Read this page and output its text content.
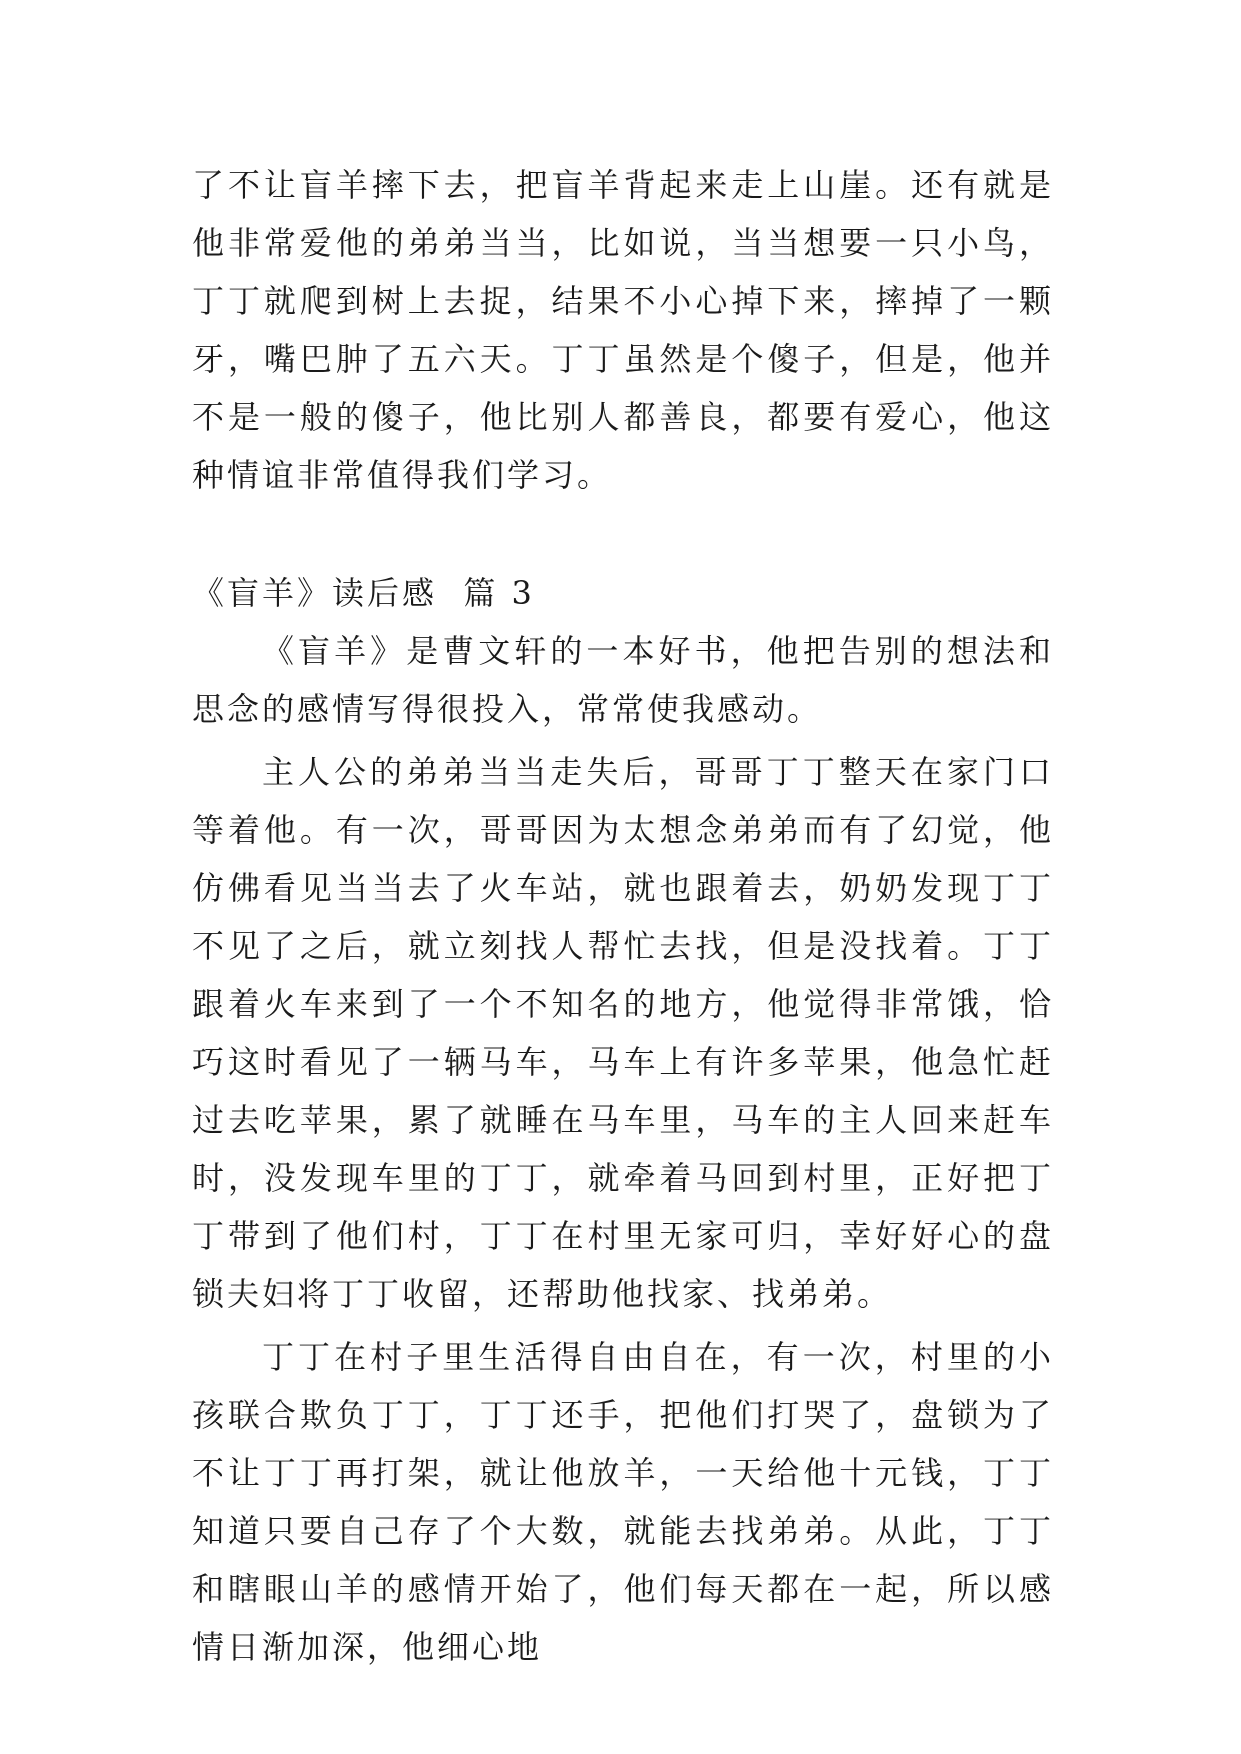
了不让盲羊摔下去，把盲羊背起来走上山崖。还有就是他非常爱他的弟弟当当，比如说，当当想要一只小鸟，丁丁就爬到树上去捉，结果不小心掉下来，摔掉了一颗牙，嘴巴肿了五六天。丁丁虽然是个傻子，但是，他并不是一般的傻子，他比别人都善良，都要有爱心，他这种情谊非常值得我们学习。

《盲羊》读后感  篇 3

《盲羊》是曹文轩的一本好书，他把告别的想法和思念的感情写得很投入，常常使我感动。

主人公的弟弟当当走失后，哥哥丁丁整天在家门口等着他。有一次，哥哥因为太想念弟弟而有了幻觉，他仿佛看见当当去了火车站，就也跟着去，奶奶发现丁丁不见了之后，就立刻找人帮忙去找，但是没找着。丁丁跟着火车来到了一个不知名的地方，他觉得非常饿，恰巧这时看见了一辆马车，马车上有许多苹果，他急忙赶过去吃苹果，累了就睡在马车里，马车的主人回来赶车时，没发现车里的丁丁，就牵着马回到村里，正好把丁丁带到了他们村，丁丁在村里无家可归，幸好好心的盘锁夫妇将丁丁收留，还帮助他找家、找弟弟。

丁丁在村子里生活得自由自在，有一次，村里的小孩联合欺负丁丁，丁丁还手，把他们打哭了，盘锁为了不让丁丁再打架，就让他放羊，一天给他十元钱，丁丁知道只要自己存了个大数，就能去找弟弟。从此，丁丁和瞎眼山羊的感情开始了，他们每天都在一起，所以感情日渐加深，他细心地
